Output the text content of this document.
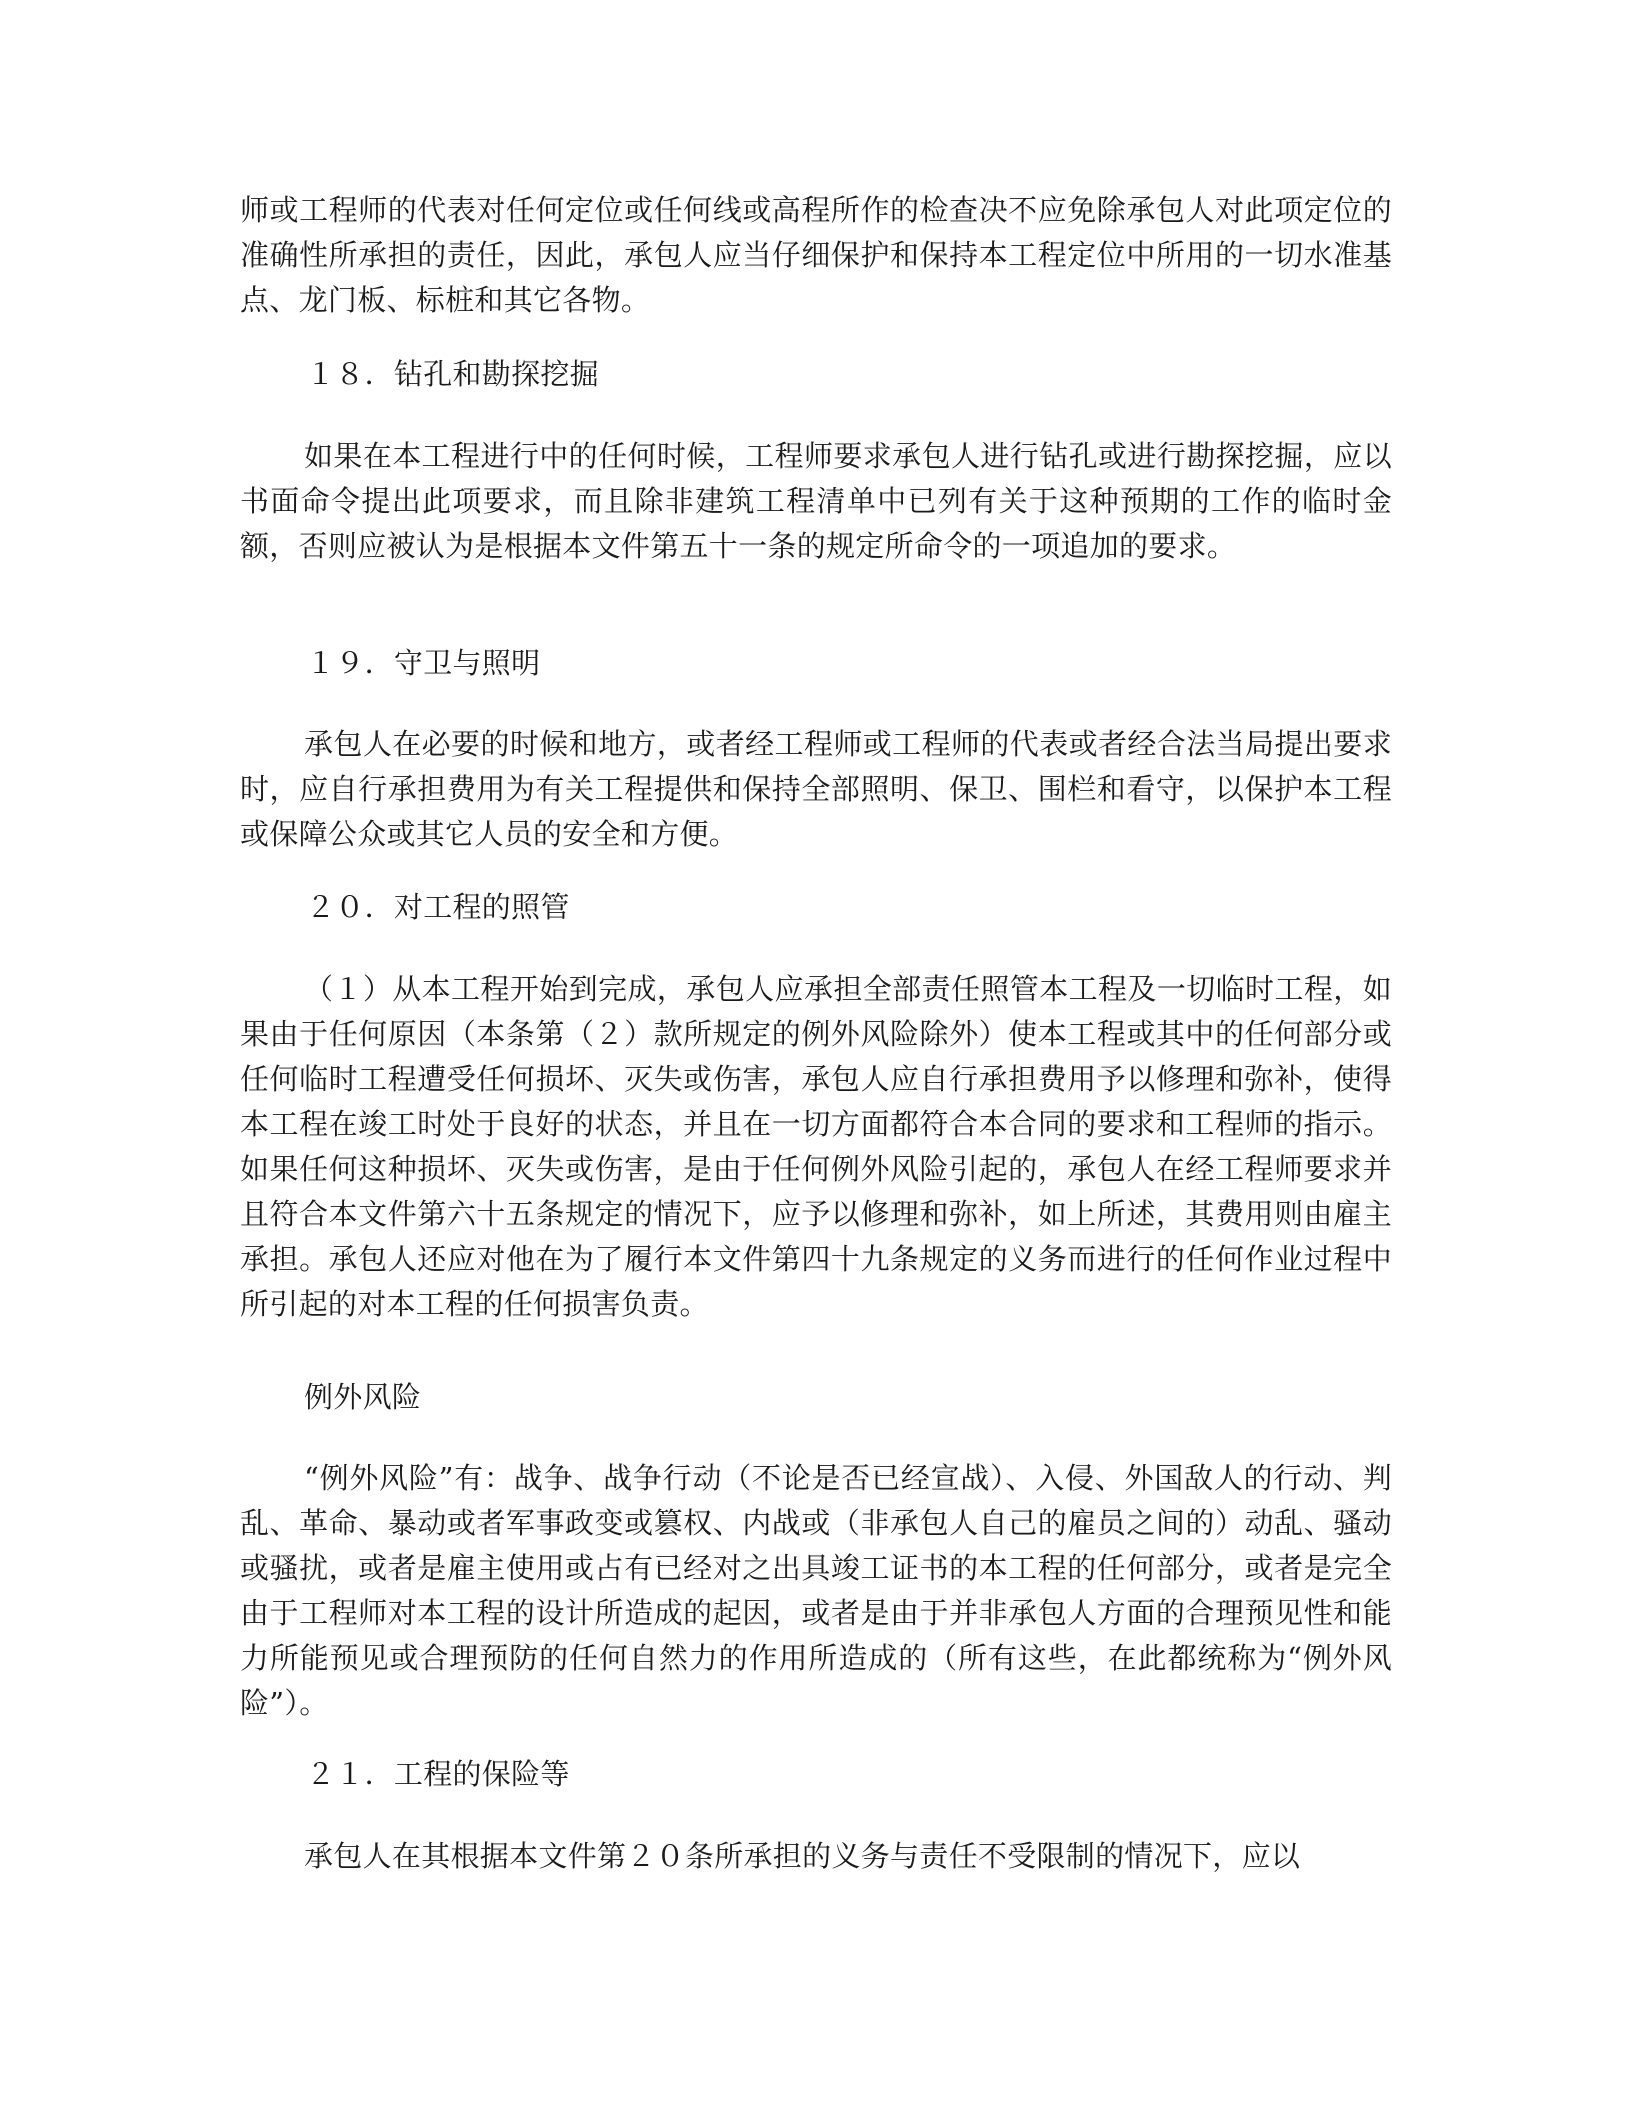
师或工程师的代表对任何定位或任何线或高程所作的检查决不应免除承包人对此项定位的准确性所承担的责任，因此，承包人应当仔细保护和保持本工程定位中所用的一切水准基点、龙门板、标桩和其它各物。

１８．钻孔和勘探挖掘

如果在本工程进行中的任何时候，工程师要求承包人进行钻孔或进行勘探挖掘，应以书面命令提出此项要求，而且除非建筑工程清单中已列有关于这种预期的工作的临时金额，否则应被认为是根据本文件第五十一条的规定所命令的一项追加的要求。

１９．守卫与照明

承包人在必要的时候和地方，或者经工程师或工程师的代表或者经合法当局提出要求时，应自行承担费用为有关工程提供和保持全部照明、保卫、围栏和看守，以保护本工程或保障公众或其它人员的安全和方便。

２０．对工程的照管

（１）从本工程开始到完成，承包人应承担全部责任照管本工程及一切临时工程，如果由于任何原因（本条第（２）款所规定的例外风险除外）使本工程或其中的任何部分或任何临时工程遭受任何损坏、灭失或伤害，承包人应自行承担费用予以修理和弥补，使得本工程在竣工时处于良好的状态，并且在一切方面都符合本合同的要求和工程师的指示。如果任何这种损坏、灭失或伤害，是由于任何例外风险引起的，承包人在经工程师要求并且符合本文件第六十五条规定的情况下，应予以修理和弥补，如上所述，其费用则由雇主承担。承包人还应对他在为了履行本文件第四十九条规定的义务而进行的任何作业过程中所引起的对本工程的任何损害负责。

例外风险

“例外风险”有：战争、战争行动（不论是否已经宣战）、入侵、外国敌人的行动、判乱、革命、暴动或者军事政变或篡权、内战或（非承包人自己的雇员之间的）动乱、骚动或骚扰，或者是雇主使用或占有已经对之出具竣工证书的本工程的任何部分，或者是完全由于工程师对本工程的设计所造成的起因，或者是由于并非承包人方面的合理预见性和能力所能预见或合理预防的任何自然力的作用所造成的（所有这些，在此都统称为“例外风险”）。

２１．工程的保险等

承包人在其根据本文件第２０条所承担的义务与责任不受限制的情况下，应以
